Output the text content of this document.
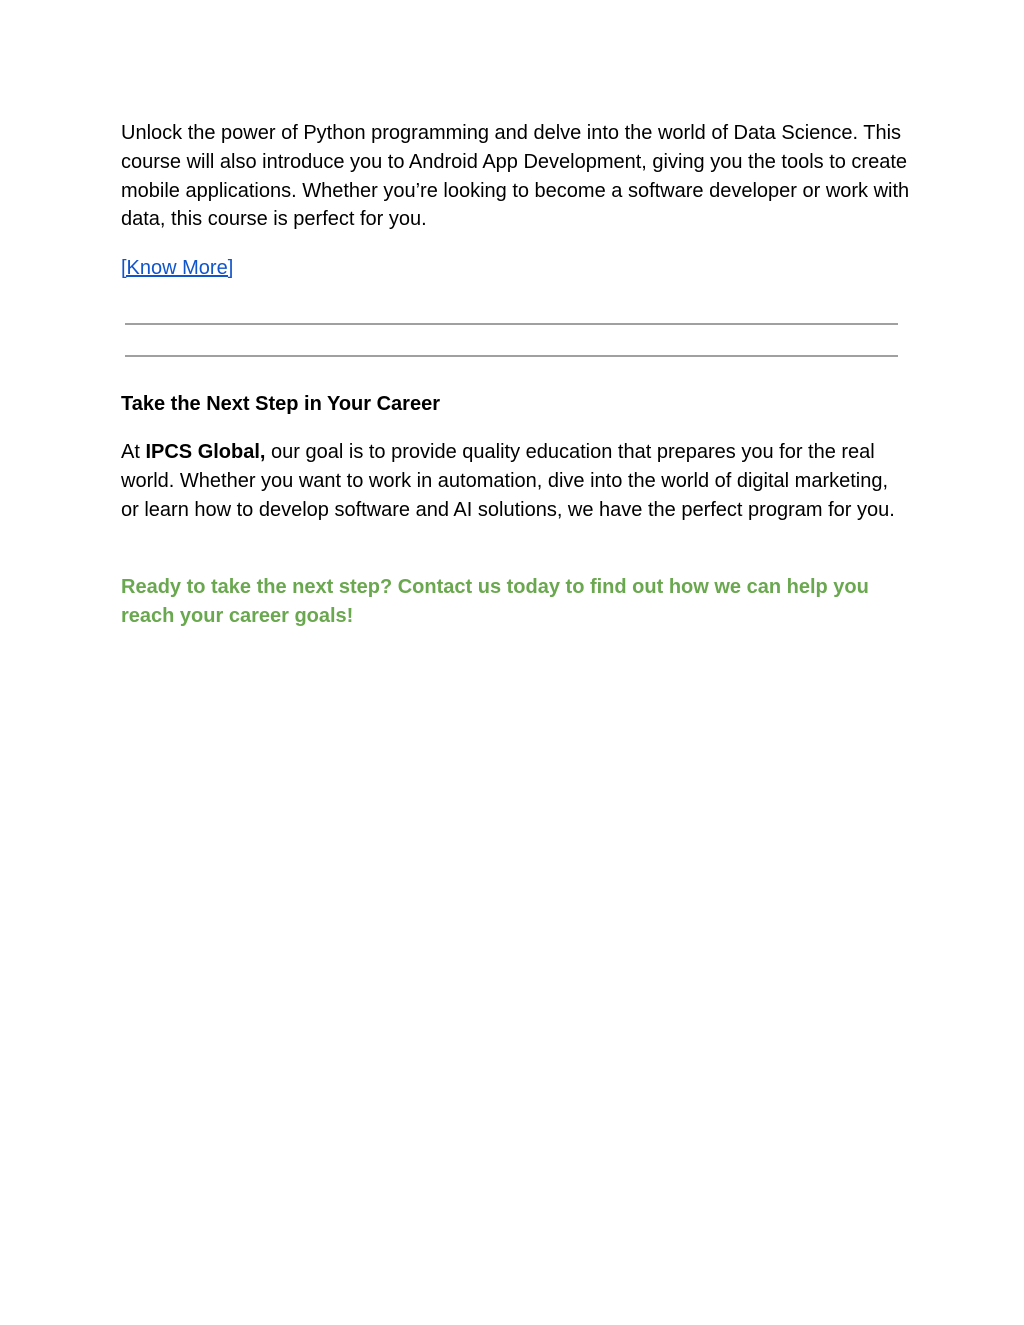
Unlock the power of Python programming and delve into the world of Data Science. This course will also introduce you to Android App Development, giving you the tools to create mobile applications. Whether you’re looking to become a software developer or work with data, this course is perfect for you.

[Know More]
Take the Next Step in Your Career

At IPCS Global, our goal is to provide quality education that prepares you for the real world. Whether you want to work in automation, dive into the world of digital marketing, or learn how to develop software and AI solutions, we have the perfect program for you.

Ready to take the next step? Contact us today to find out how we can help you reach your career goals!
